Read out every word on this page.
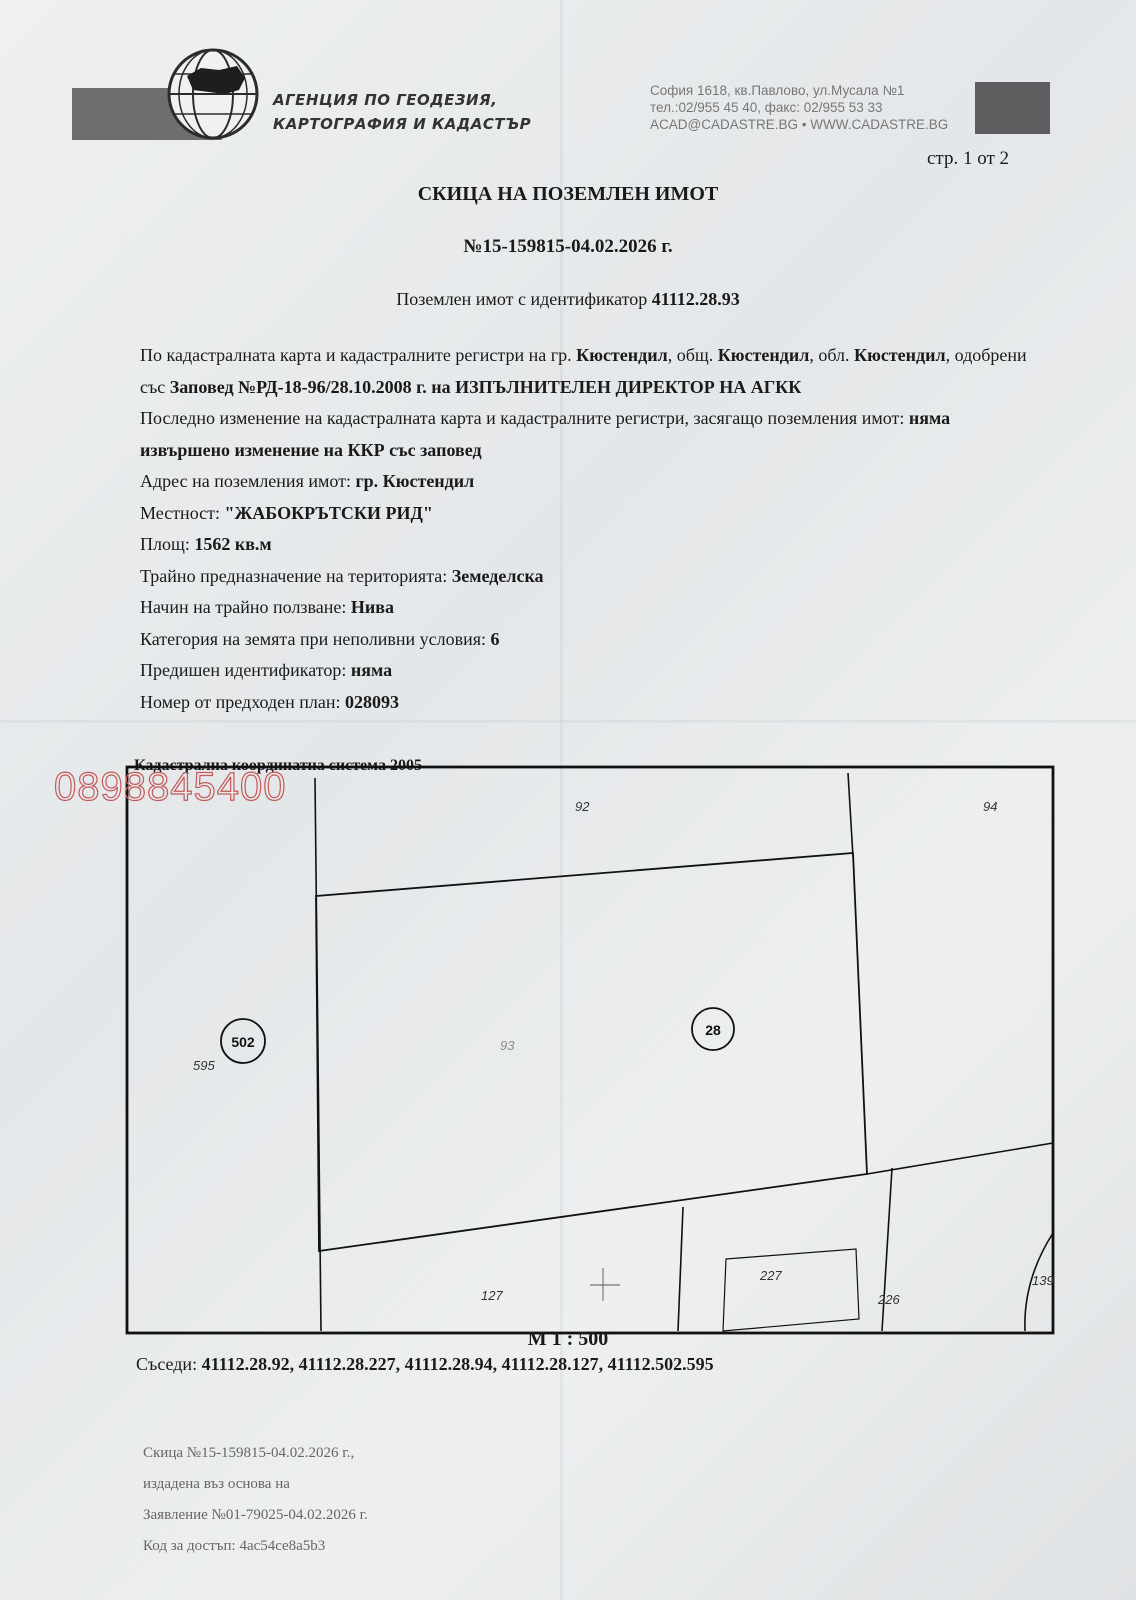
АГЕНЦИЯ ПО ГЕОДЕЗИЯ,
КАРТОГРАФИЯ И КАДАСТЪР
София 1618, кв.Павлово, ул.Мусала №1
тел.:02/955 45 40, факс: 02/955 53 33
ACAD@CADASTRE.BG • WWW.CADASTRE.BG
стр. 1 от 2
СКИЦА НА ПОЗЕМЛЕН ИМОТ
№15-159815-04.02.2026 г.
Поземлен имот с идентификатор 41112.28.93

По кадастралната карта и кадастралните регистри на гр. Кюстендил, общ. Кюстендил, обл. Кюстендил, одобрени със Заповед №РД-18-96/28.10.2008 г. на ИЗПЪЛНИТЕЛЕН ДИРЕКТОР НА АГКК

Последно изменение на кадастралната карта и кадастралните регистри, засягащо поземления имот: няма извършено изменение на ККР със заповед

Адрес на поземления имот: гр. Кюстендил

Местност: "ЖАБОКРЪТСКИ РИД"

Площ: 1562 кв.м

Трайно предназначение на територията: Земеделска

Начин на трайно ползване: Нива

Категория на земята при неполивни условия: 6

Предишен идентификатор: няма

Номер от предходен план: 028093

Кадастрална координатна система 2005
92	94
93
595
127
227
226
139
502
28
0898845400
М 1 : 500
Съседи: 41112.28.92, 41112.28.227, 41112.28.94, 41112.28.127, 41112.502.595
Скица №15-159815-04.02.2026 г.,
издадена въз основа на
Заявление №01-79025-04.02.2026 г.
Код за достъп: 4ac54ce8a5b3
